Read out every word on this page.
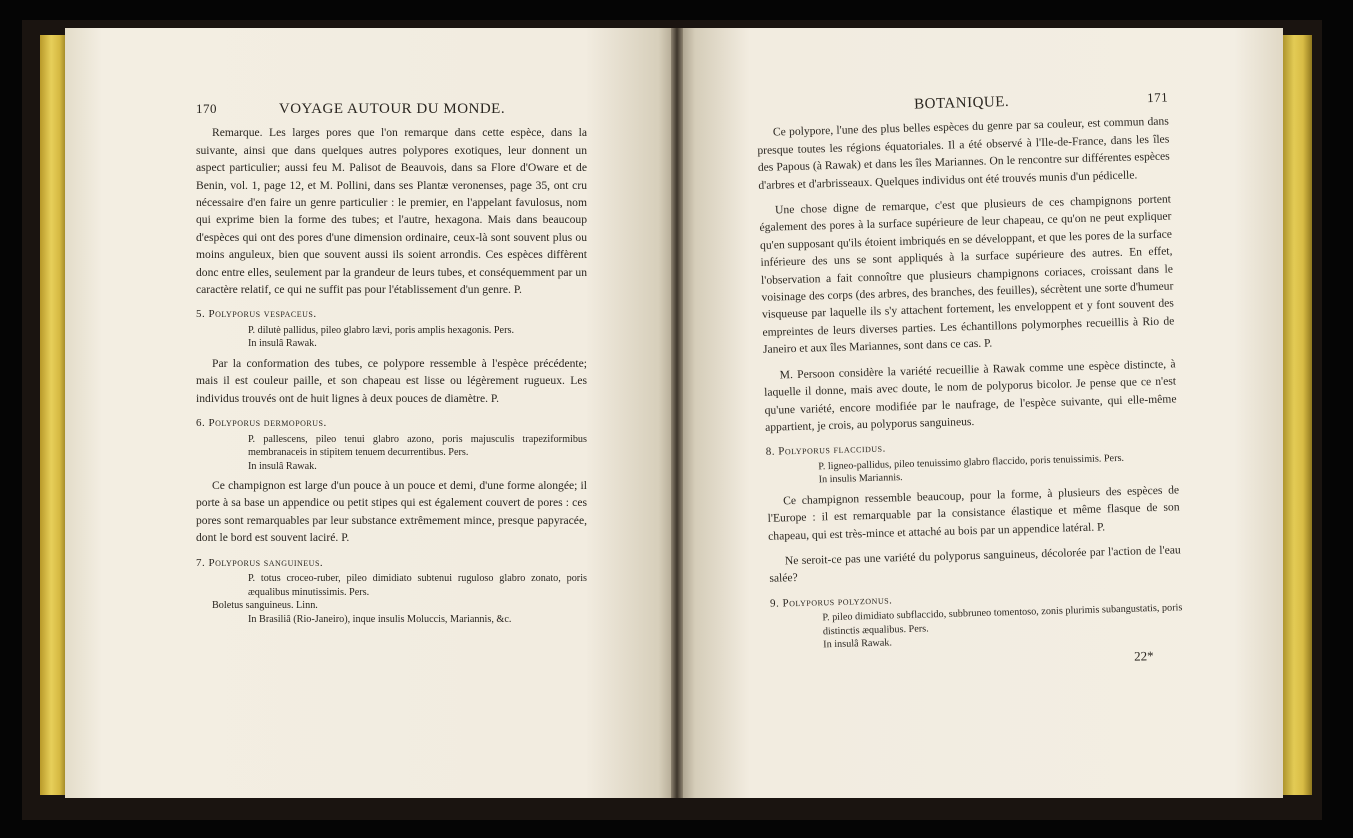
170	VOYAGE AUTOUR DU MONDE.

Remarque. Les larges pores que l'on remarque dans cette espèce, dans la suivante, ainsi que dans quelques autres polypores exotiques, leur donnent un aspect particulier; aussi feu M. Palisot de Beauvois, dans sa Flore d'Oware et de Benin, vol. 1, page 12, et M. Pollini, dans ses Plantæ veronenses, page 35, ont cru nécessaire d'en faire un genre particulier : le premier, en l'appelant favulosus, nom qui exprime bien la forme des tubes; et l'autre, hexagona. Mais dans beaucoup d'espèces qui ont des pores d'une dimension ordinaire, ceux-là sont souvent plus ou moins anguleux, bien que souvent aussi ils soient arrondis. Ces espèces diffèrent donc entre elles, seulement par la grandeur de leurs tubes, et conséquemment par un caractère relatif, ce qui ne suffit pas pour l'établissement d'un genre. P.

5. Polyporus vespaceus.
P. dilutè pallidus, pileo glabro lævi, poris amplis hexagonis. Pers.
In insulâ Rawak.

Par la conformation des tubes, ce polypore ressemble à l'espèce précédente; mais il est couleur paille, et son chapeau est lisse ou légèrement rugueux. Les individus trouvés ont de huit lignes à deux pouces de diamètre. P.

6. Polyporus dermoporus.
P. pallescens, pileo tenui glabro azono, poris majusculis trapeziformibus membranaceis in stipitem tenuem decurrentibus. Pers.
In insulâ Rawak.

Ce champignon est large d'un pouce à un pouce et demi, d'une forme alongée; il porte à sa base un appendice ou petit stipes qui est également couvert de pores : ces pores sont remarquables par leur substance extrêmement mince, presque papyracée, dont le bord est souvent laciré. P.

7. Polyporus sanguineus.
P. totus croceo-ruber, pileo dimidiato subtenui ruguloso glabro zonato, poris æqualibus minutissimis. Pers.
Boletus sanguineus. Linn.
In Brasiliâ (Rio-Janeiro), inque insulis Moluccis, Mariannis, &c.
BOTANIQUE.	171

Ce polypore, l'une des plus belles espèces du genre par sa couleur, est commun dans presque toutes les régions équatoriales. Il a été observé à l'Ile-de-France, dans les îles des Papous (à Rawak) et dans les îles Mariannes. On le rencontre sur différentes espèces d'arbres et d'arbrisseaux. Quelques individus ont été trouvés munis d'un pédicelle.

Une chose digne de remarque, c'est que plusieurs de ces champignons portent également des pores à la surface supérieure de leur chapeau, ce qu'on ne peut expliquer qu'en supposant qu'ils étoient imbriqués en se développant, et que les pores de la surface inférieure des uns se sont appliqués à la surface supérieure des autres. En effet, l'observation a fait connoître que plusieurs champignons coriaces, croissant dans le voisinage des corps (des arbres, des branches, des feuilles), sécrètent une sorte d'humeur visqueuse par laquelle ils s'y attachent fortement, les enveloppent et y font souvent des empreintes de leurs diverses parties. Les échantillons polymorphes recueillis à Rio de Janeiro et aux îles Mariannes, sont dans ce cas. P.

M. Persoon considère la variété recueillie à Rawak comme une espèce distincte, à laquelle il donne, mais avec doute, le nom de polyporus bicolor. Je pense que ce n'est qu'une variété, encore modifiée par le naufrage, de l'espèce suivante, qui elle-même appartient, je crois, au polyporus sanguineus.

8. Polyporus flaccidus.
P. ligneo-pallidus, pileo tenuissimo glabro flaccido, poris tenuissimis. Pers.
In insulis Mariannis.

Ce champignon ressemble beaucoup, pour la forme, à plusieurs des espèces de l'Europe : il est remarquable par la consistance élastique et même flasque de son chapeau, qui est très-mince et attaché au bois par un appendice latéral. P.

Ne seroit-ce pas une variété du polyporus sanguineus, décolorée par l'action de l'eau salée?

9. Polyporus polyzonus.
P. pileo dimidiato subflaccido, subbruneo tomentoso, zonis plurimis subangustatis, poris distinctis æqualibus. Pers.
In insulâ Rawak.
22*
